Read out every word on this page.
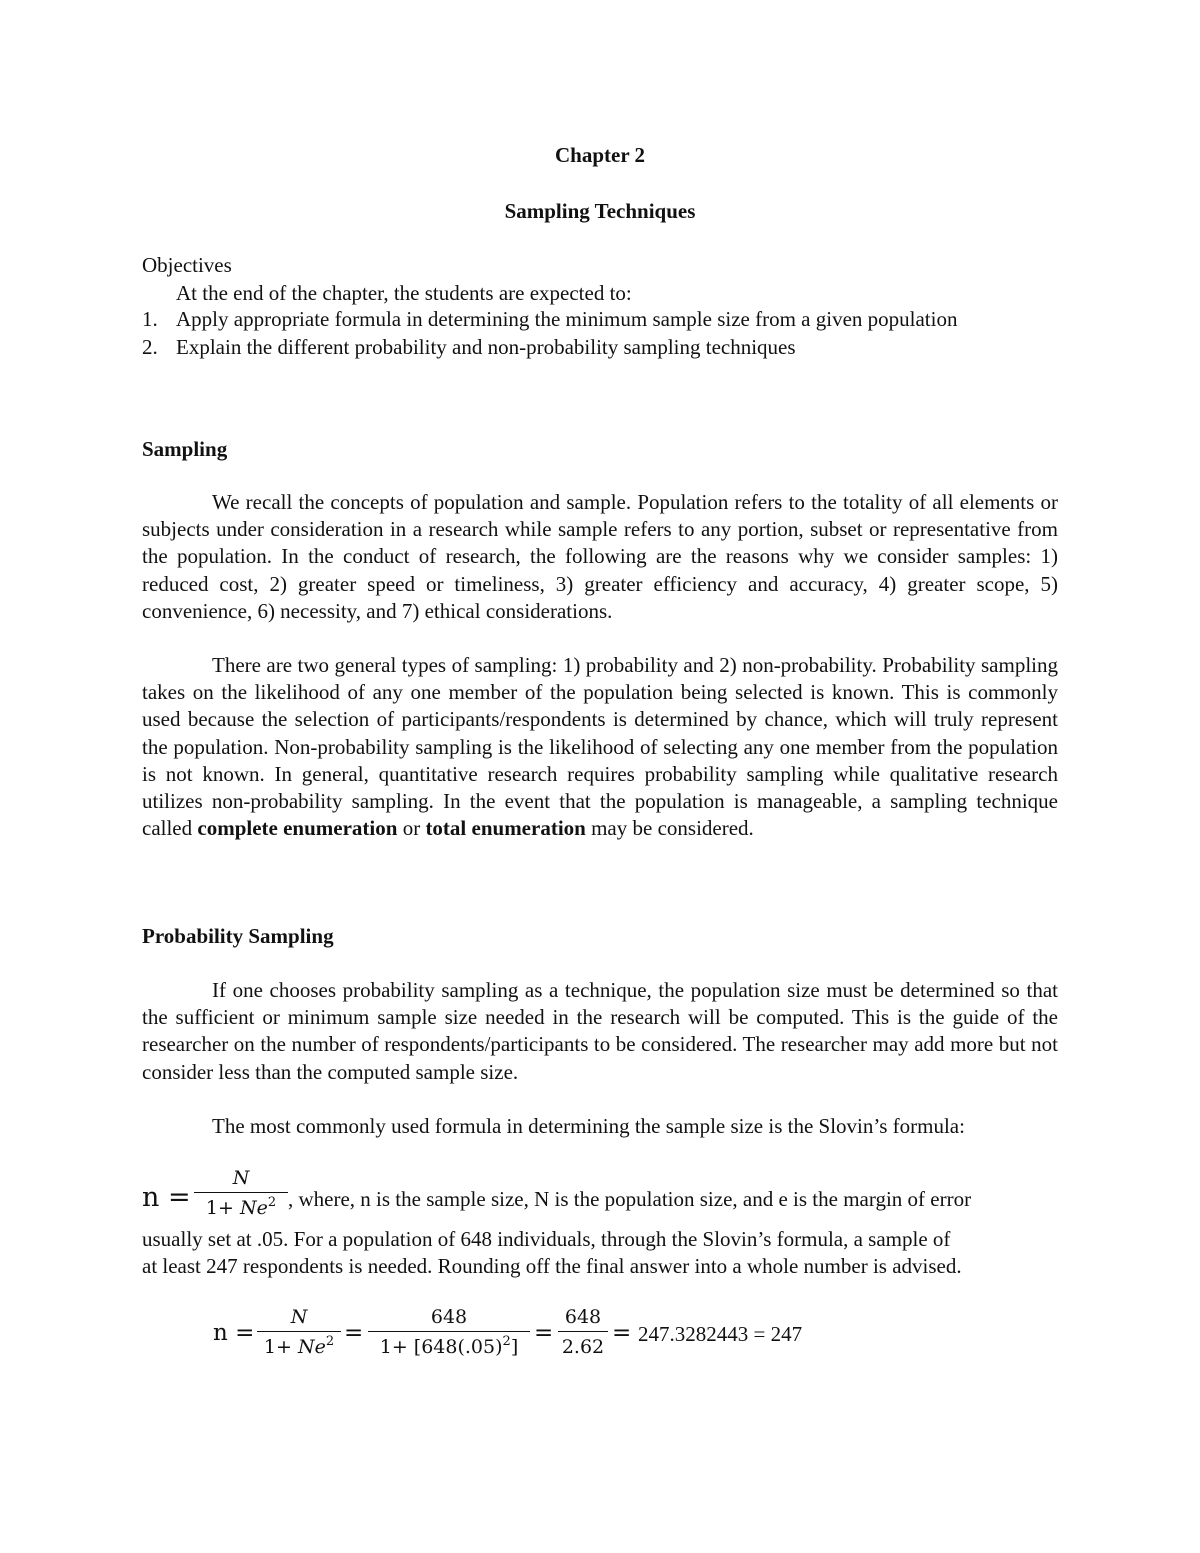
Chapter 2
Sampling Techniques
Objectives
At the end of the chapter, the students are expected to:
1. Apply appropriate formula in determining the minimum sample size from a given population
2. Explain the different probability and non-probability sampling techniques
Sampling
We recall the concepts of population and sample. Population refers to the totality of all elements or subjects under consideration in a research while sample refers to any portion, subset or representative from the population. In the conduct of research, the following are the reasons why we consider samples: 1) reduced cost, 2) greater speed or timeliness, 3) greater efficiency and accuracy, 4) greater scope, 5) convenience, 6) necessity, and 7) ethical considerations.
There are two general types of sampling: 1) probability and 2) non-probability. Probability sampling takes on the likelihood of any one member of the population being selected is known. This is commonly used because the selection of participants/respondents is determined by chance, which will truly represent the population. Non-probability sampling is the likelihood of selecting any one member from the population is not known. In general, quantitative research requires probability sampling while qualitative research utilizes non-probability sampling. In the event that the population is manageable, a sampling technique called complete enumeration or total enumeration may be considered.
Probability Sampling
If one chooses probability sampling as a technique, the population size must be determined so that the sufficient or minimum sample size needed in the research will be computed. This is the guide of the researcher on the number of respondents/participants to be considered. The researcher may add more but not consider less than the computed sample size.
The most commonly used formula in determining the sample size is the Slovin’s formula:
n =
N
$1+ Ne^2$ , where, n is the sample size, N is the population size, and e is the margin of error
usually set at .05. For a population of 648 individuals, through the Slovin’s formula, a sample of
at least 247 respondents is needed. Rounding off the final answer into a whole number is advised.
n =
N
$1+ Ne^2$ =
648
$1+ [648(.05)^2]$
=
648
2.62
= 247.3282443 = 247
